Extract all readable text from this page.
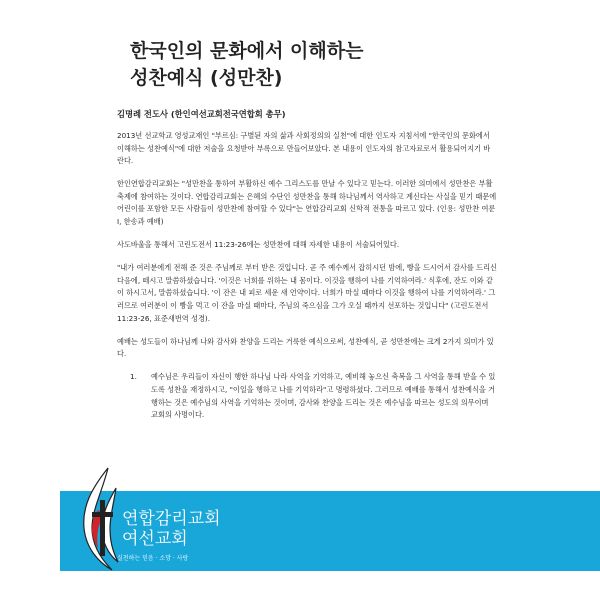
한국인의 문화에서 이해하는
성찬예식 (성만찬)
김명례 전도사 (한인여선교회전국연합회 총무)

2013년 선교학교 영성교재인 "부르심: 구별된 자의 삶과 사회정의의 실천"에 대한 인도자 지침서에 "한국인의 문화에서 이해하는 성찬예식"에 대한 저술을 요청받아 부록으로 만들어보았다. 본 내용이 인도자의 참고자료로서 활용되어지기 바란다.

한인연합감리교회는 "성만찬을 통하여 부활하신 예수 그리스도를 만날 수 있다고 믿는다. 이러한 의미에서 성만찬은 부활 축제에 참여하는 것이다. 연합감리교회는 은혜의 수단인 성만찬을 통해 하나님께서 역사하고 계신다는 사실을 믿기 때문에 어린이를 포함한 모든 사람들이 성만찬에 참여할 수 있다"는 연합감리교회 신학적 전통을 따르고 있다. (인용: 성만찬 여룬 I, 한송과 예배)

사도바울을 통해서 고린도전서 11:23-26에는 성만찬에 대해 자세한 내용이 서술되어있다.

"내가 여러분에게 전해 준 것은 주님께로 부터 받은 것입니다. 곧 주 예수께서 잡히시던 밤에, 빵을 드시어서 감사를 드리신 다음에, 떼시고 말씀하셨습니다. '이것은 너희를 위하는 내 몸이다. 이것을 행하여 나를 기억하여라.' 식후에, 잔도 이와 같이 하시고서, 말씀하셨습니다. '이 잔은 내 피로 세운 새 언약이다. 너희가 마실 때마다 이것을 행하여 나를 기억하여라.' 그러므로 여러분이 이 빵을 먹고 이 잔을 마실 때마다, 주님의 죽으심을 그가 오실 때까지 선포하는 것입니다" (고린도전서 11:23-26, 표준새번역 성경).

예배는 성도들이 하나님께 나와 감사와 찬양을 드리는 거룩한 예식으로써, 성찬예식, 곧 성만찬에는 크게 2가지 의미가 있다.

1. 예수님은 우리들이 자신이 행한 하나님 나라 사역을 기억하고, 예비해 놓으신 축복을 그 사역을 통해 받을 수 있도록 성찬을 재정하시고, "이일을 행하고 나를 기억하라"고 명령하셨다. 그러므로 예배를 통해서 성찬예식을 거행하는 것은 예수님의 사역을 기억하는 것이며, 감사와 찬양을 드리는 것은 예수님을 따르는 성도의 의무이며 교회의 사명이다.
연합감리교회
여선교회
실천하는 믿음 · 소망 · 사랑
